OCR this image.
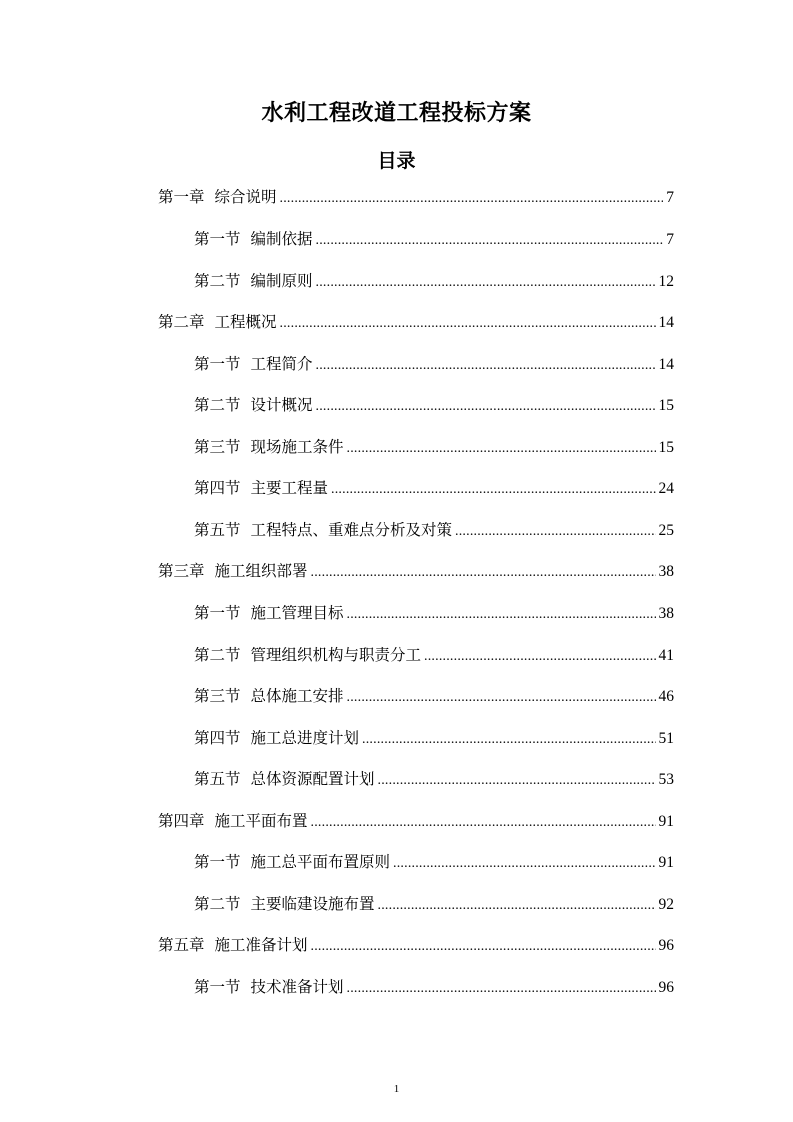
水利工程改道工程投标方案
目录
第一章 综合说明 .....	7
第一节 编制依据 .....	7
第二节 编制原则 .....	12
第二章 工程概况 .....	14
第一节 工程简介 .....	14
第二节 设计概况 .....	15
第三节 现场施工条件 .....	15
第四节 主要工程量 .....	24
第五节 工程特点、重难点分析及对策 .....	25
第三章 施工组织部署 .....	38
第一节 施工管理目标 .....	38
第二节 管理组织机构与职责分工 .....	41
第三节 总体施工安排 .....	46
第四节 施工总进度计划 .....	51
第五节 总体资源配置计划 .....	53
第四章 施工平面布置 .....	91
第一节 施工总平面布置原则 .....	91
第二节 主要临建设施布置 .....	92
第五章 施工准备计划 .....	96
第一节 技术准备计划 .....	96
1
